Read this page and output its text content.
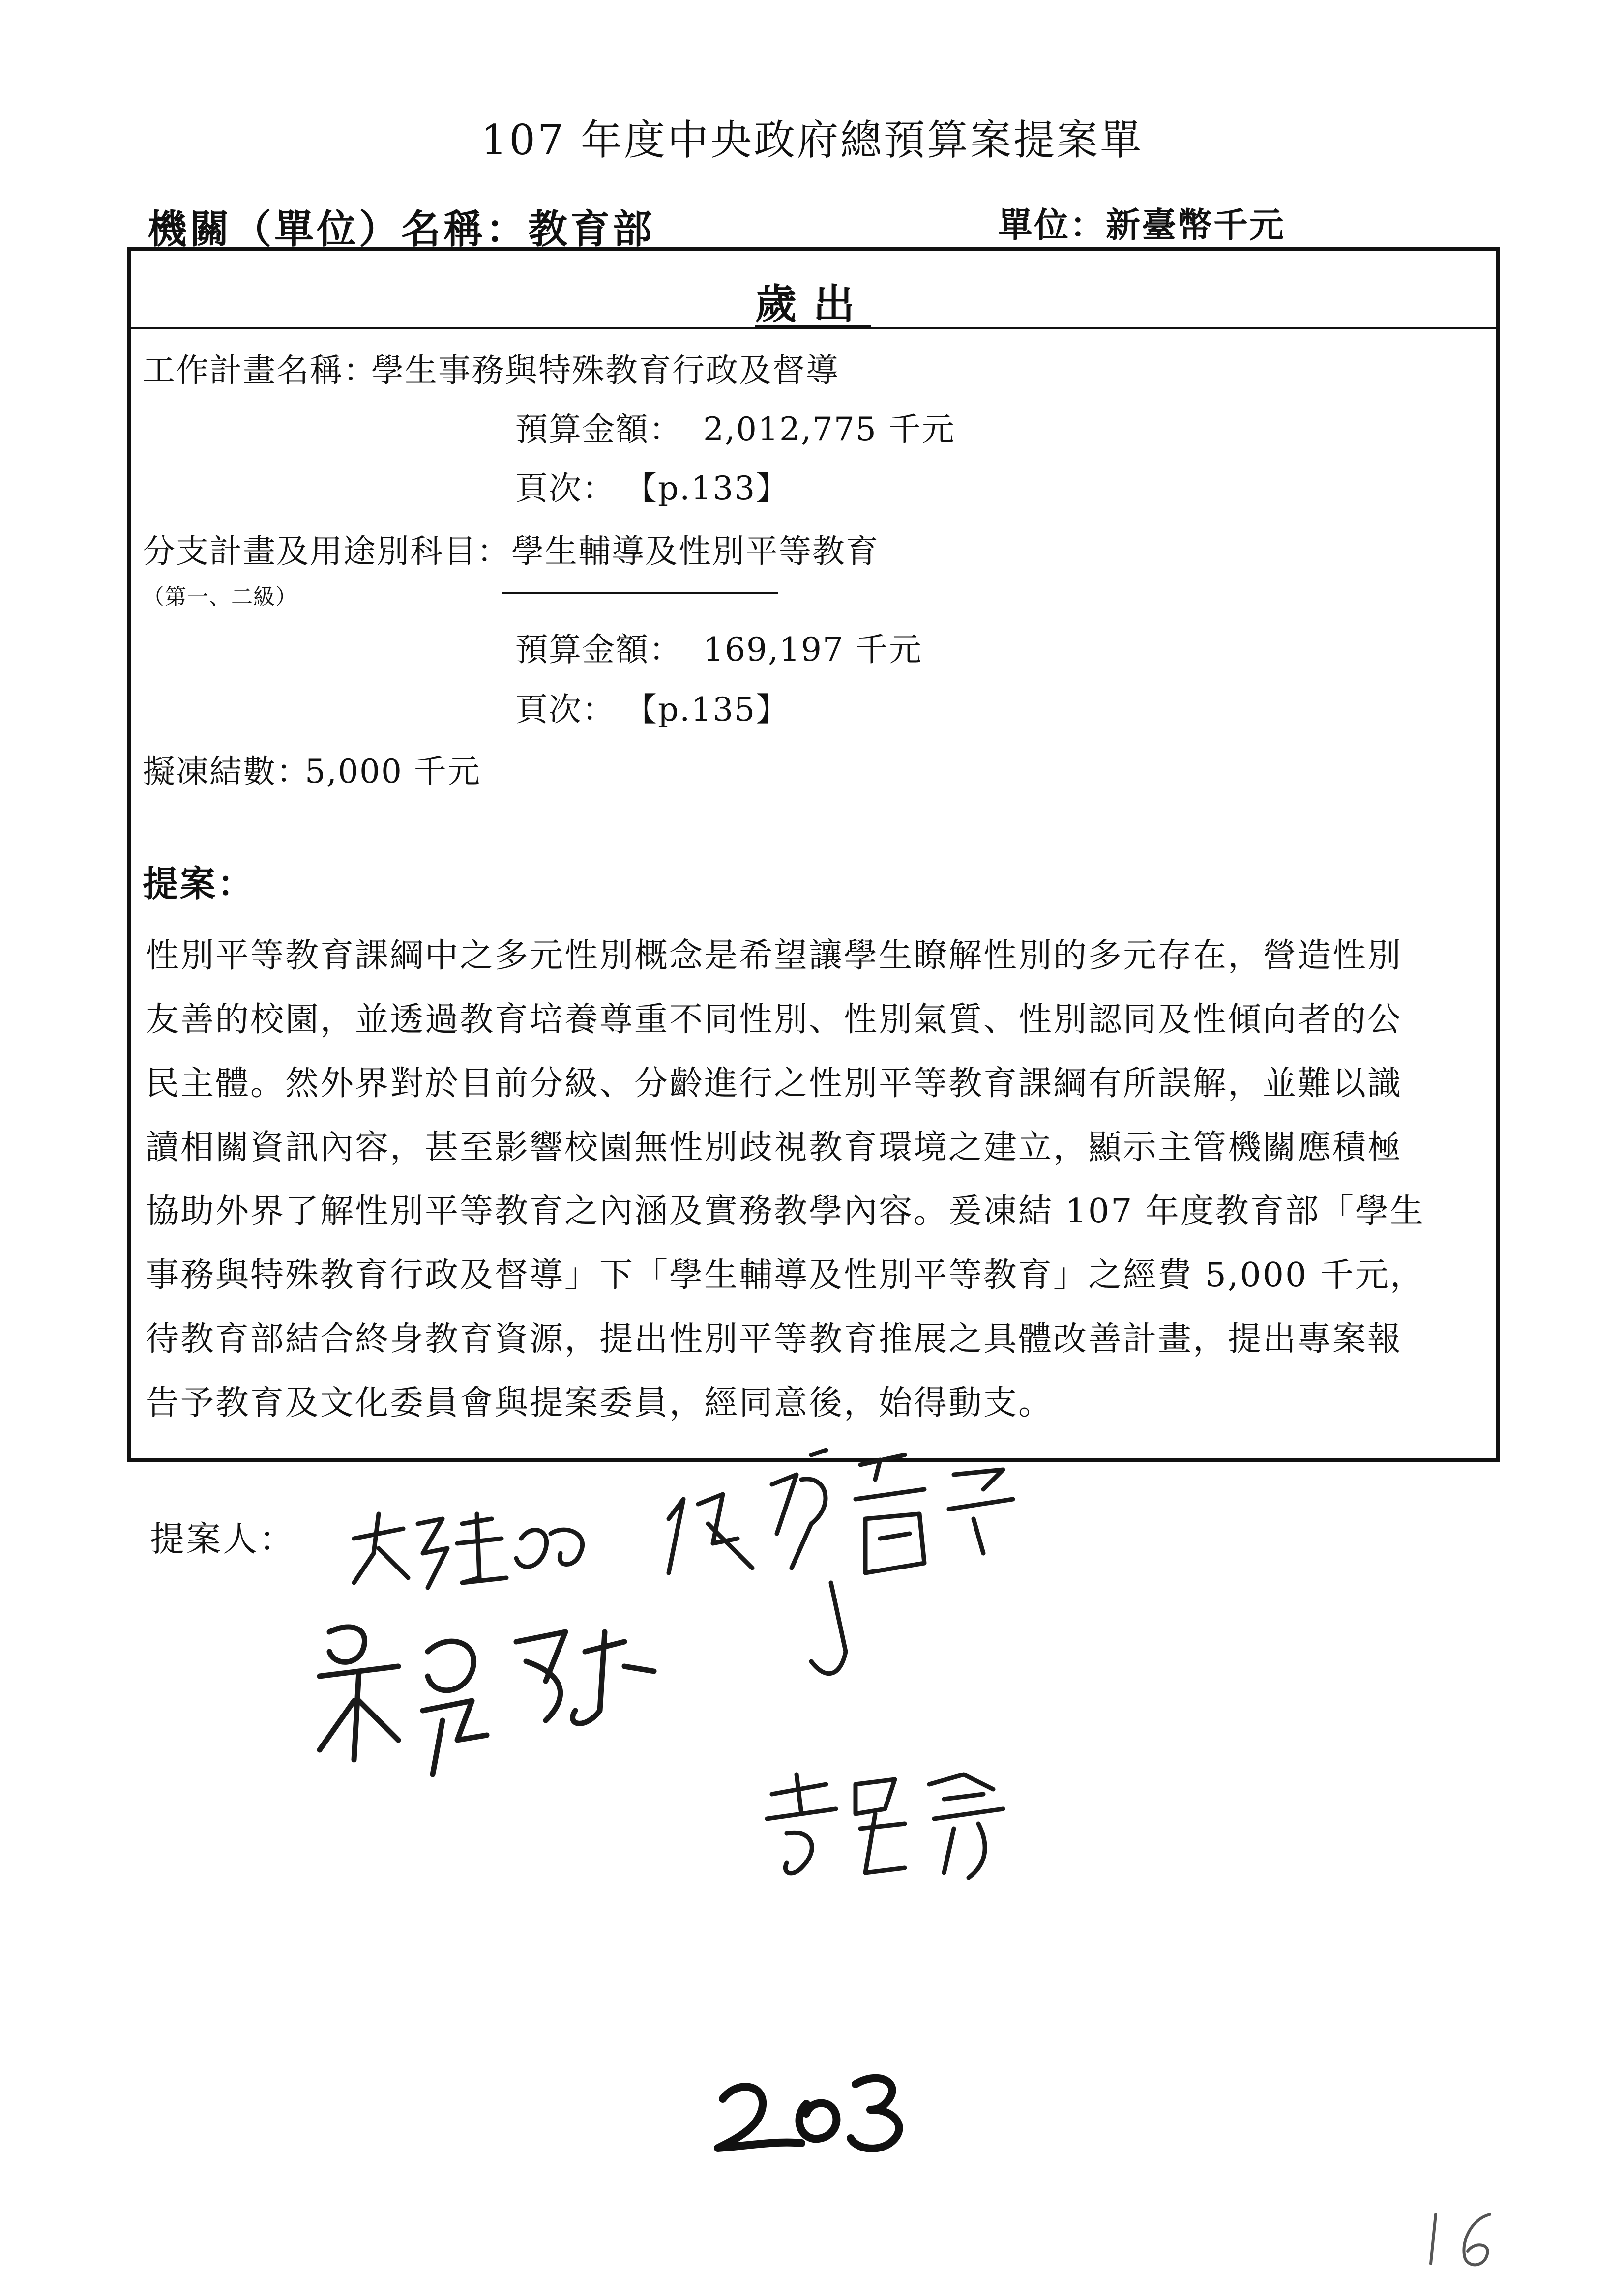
107 年度中央政府總預算案提案單
機關（單位）名稱：教育部	單位：新臺幣千元
歲出
工作計畫名稱：
學生事務與特殊教育行政及督導
預算金額： 2,012,775 千元
頁次： 【p.133】
分支計畫及用途別科目： 學生輔導及性別平等教育
（第一、二級）
預算金額： 169,197 千元
頁次： 【p.135】
擬凍結數：
5,000 千元
提案：
性別平等教育課綱中之多元性別概念是希望讓學生瞭解性別的多元存在，營造性別
友善的校園，並透過教育培養尊重不同性別、性別氣質、性別認同及性傾向者的公
民主體。然外界對於目前分級、分齡進行之性別平等教育課綱有所誤解，並難以識
讀相關資訊內容，甚至影響校園無性別歧視教育環境之建立，顯示主管機關應積極
協助外界了解性別平等教育之內涵及實務教學內容。爰凍結 107 年度教育部「學生
事務與特殊教育行政及督導」下「學生輔導及性別平等教育」之經費 5,000 千元，
待教育部結合終身教育資源，提出性別平等教育推展之具體改善計畫，提出專案報
告予教育及文化委員會與提案委員，經同意後，始得動支。
提案人：
203
16
